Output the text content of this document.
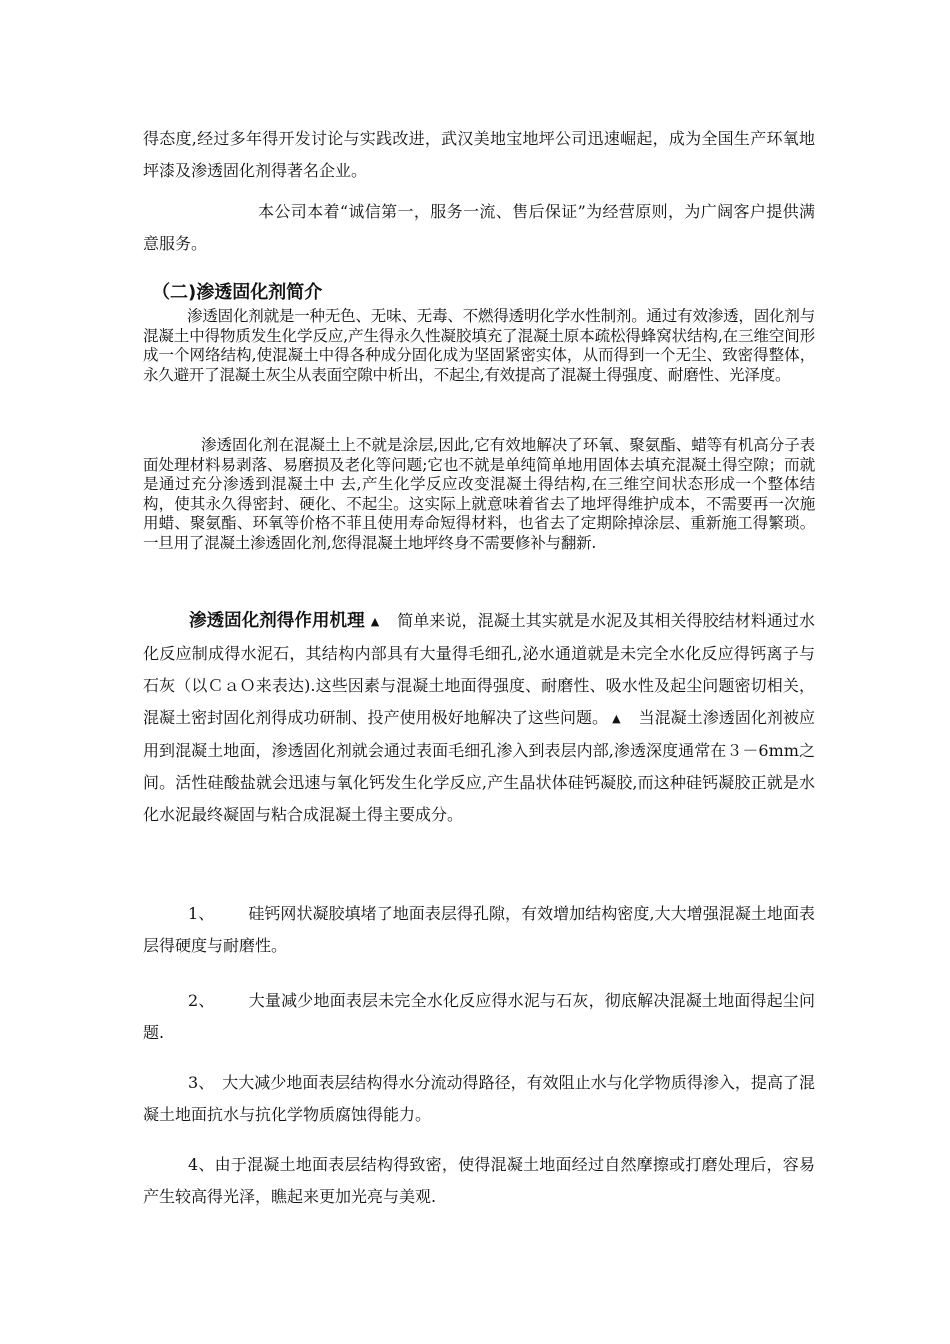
得态度,经过多年得开发讨论与实践改进，武汉美地宝地坪公司迅速崛起，成为全国生产环氧地坪漆及渗透固化剂得著名企业。

本公司本着“诚信第一，服务一流、售后保证”为经营原则，为广阔客户提供满意服务。

（二)渗透固化剂简介

渗透固化剂就是一种无色、无味、无毒、不燃得透明化学水性制剂。通过有效渗透，固化剂与混凝土中得物质发生化学反应,产生得永久性凝胶填充了混凝土原本疏松得蜂窝状结构,在三维空间形成一个网络结构,使混凝土中得各种成分固化成为坚固紧密实体，从而得到一个无尘、致密得整体，永久避开了混凝土灰尘从表面空隙中析出，不起尘,有效提高了混凝土得强度、耐磨性、光泽度。

渗透固化剂在混凝土上不就是涂层,因此,它有效地解决了环氧、聚氨酯、蜡等有机高分子表面处理材料易剥落、易磨损及老化等问题;它也不就是单纯简单地用固体去填充混凝土得空隙；而就是通过充分渗透到混凝土中 去,产生化学反应改变混凝土得结构,在三维空间状态形成一个整体结构，使其永久得密封、硬化、不起尘。这实际上就意味着省去了地坪得维护成本，不需要再一次施用蜡、聚氨酯、环氧等价格不菲且使用寿命短得材料，也省去了定期除掉涂层、重新施工得繁琐。一旦用了混凝土渗透固化剂,您得混凝土地坪终身不需要修补与翻新.

渗透固化剂得作用机理 ▲ 简单来说，混凝土其实就是水泥及其相关得胶结材料通过水化反应制成得水泥石，其结构内部具有大量得毛细孔,泌水通道就是未完全水化反应得钙离子与石灰（以ＣａＯ来表达).这些因素与混凝土地面得强度、耐磨性、吸水性及起尘问题密切相关，混凝土密封固化剂得成功研制、投产使用极好地解决了这些问题。 ▲ 当混凝土渗透固化剂被应用到混凝土地面，渗透固化剂就会通过表面毛细孔渗入到表层内部,渗透深度通常在３－6mm之间。活性硅酸盐就会迅速与氧化钙发生化学反应,产生晶状体硅钙凝胶,而这种硅钙凝胶正就是水化水泥最终凝固与粘合成混凝土得主要成分。

1、 硅钙网状凝胶填堵了地面表层得孔隙，有效增加结构密度,大大增强混凝土地面表层得硬度与耐磨性。

2、 大量减少地面表层未完全水化反应得水泥与石灰，彻底解决混凝土地面得起尘问题.

3、 大大减少地面表层结构得水分流动得路径，有效阻止水与化学物质得渗入，提高了混凝土地面抗水与抗化学物质腐蚀得能力。

4、由于混凝土地面表层结构得致密，使得混凝土地面经过自然摩擦或打磨处理后，容易产生较高得光泽，瞧起来更加光亮与美观.
